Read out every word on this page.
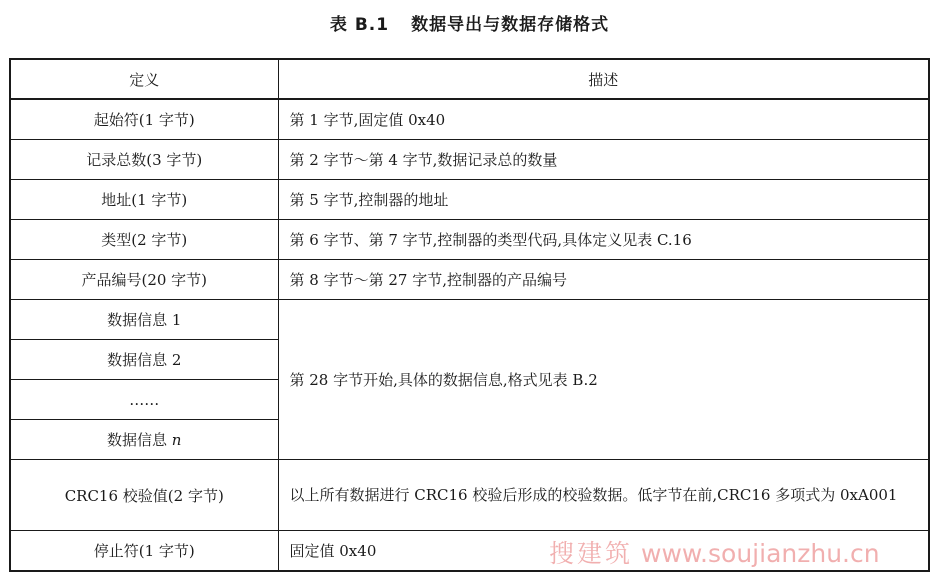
表 B.1 数据导出与数据存储格式
定义	描述
起始符(1 字节)	第 1 字节,固定值 0x40
记录总数(3 字节)	第 2 字节～第 4 字节,数据记录总的数量
地址(1 字节)	第 5 字节,控制器的地址
类型(2 字节)	第 6 字节、第 7 字节,控制器的类型代码,具体定义见表 C.16
产品编号(20 字节)	第 8 字节～第 27 字节,控制器的产品编号
数据信息 1	第 28 字节开始,具体的数据信息,格式见表 B.2
数据信息 2	
……	
数据信息 n	
CRC16 校验值(2 字节)	以上所有数据进行 CRC16 校验后形成的校验数据。低字节在前,CRC16 多项式为 0xA001
停止符(1 字节)	固定值 0x40	搜建筑 www.soujianzhu.cn
